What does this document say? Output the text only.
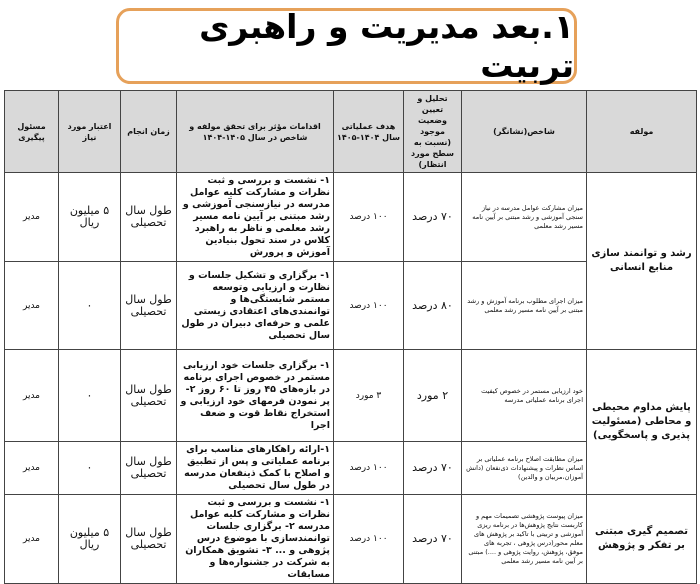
۱.بعد مدیریت و راهبری تربیت
مولفه	شاخص(نشانگر)	تحلیل و تعیین وضعیت موجود (نسبت به سطح مورد انتظار)	هدف عملیاتی سال ۱۴۰۴-۱۴۰۵	اقدامات مؤثر برای تحقق مولفه و شاخص در سال ۱۴۰۵-۱۴۰۴	زمان انجام	اعتبار مورد نیاز	مسئول پیگیری
رشد و توانمند سازی منابع انسانی	میزان مشارکت عوامل مدرسه در نیاز سنجی آموزشی و رشد مبتنی بر آیین نامه مسیر رشد معلمی	۷۰ درصد	۱۰۰ درصد	۱- نشست و بررسی و ثبت نظرات و مشارکت کلیه عوامل مدرسه در نیازسنجی آموزشی و رشد مبتنی بر آیین نامه مسیر رشد معلمی و ناظر به راهبرد کلاس در سند تحول بنیادین آموزش و پرورش	طول سال تحصیلی	۵ میلیون ریال	مدیر
	میزان اجرای مطلوب برنامه آموزش و رشد مبتنی بر آیین نامه مسیر رشد معلمی	۸۰ درصد	۱۰۰ درصد	۱- برگزاری و تشکیل جلسات و نظارت و ارزیابی وتوسعه مستمر شایستگی‌ها و توانمندی‌های اعتقادی زیستی علمی و حرفه‌ای دبیران در طول سال تحصیلی	طول سال تحصیلی	۰	مدیر
پایش مداوم محیطی و محاطی (مسئولیت پذیری و پاسخگویی)	خود ارزیابی مستمر در خصوص کیفیت اجرای برنامه عملیاتی مدرسه	۲ مورد	۳ مورد	۱- برگزاری جلسات خود ارزیابی مستمر در خصوص اجرای برنامه در بازه‌های ۴۵ روز تا ۶۰ روز ۲- پر نمودن فرمهای خود ارزیابی و استخراج نقاط قوت و ضعف اجرا	طول سال تحصیلی	۰	مدیر
	میزان مطابقت اصلاح برنامه عملیاتی بر اساس نظرات و پیشنهادات ذی‌نفعان (دانش آموزان،مربیان و والدین)	۷۰ درصد	۱۰۰ درصد	۱-ارائه راهکارهای مناسب برای برنامه عملیاتی و پس از تطبیق و اصلاح با کمک ذینفعان مدرسه در طول سال تحصیلی	طول سال تحصیلی	۰	مدیر
تصمیم گیری مبتنی بر تفکر و پژوهش	میزان پیوست پژوهشی تصمیمات مهم و کاربست نتایج پژوهش‌ها در برنامه ریزی آموزشی و تربیتی با تاکید بر پژوهش های معلم محور(درس پژوهی ، تجربه های موفق، پژوهش، روایت پژوهی و ....) مبتنی بر آیین نامه مسیر رشد معلمی	۷۰ درصد	۱۰۰ درصد	۱- نشست و بررسی و ثبت نظرات و مشارکت کلیه عوامل مدرسه ۲- برگزاری جلسات توانمندسازی با موضوع درس پژوهی و ... ۳- تشویق همکاران به شرکت در جشنواره‌ها و مسابقات	طول سال تحصیلی	۵ میلیون ریال	مدیر
